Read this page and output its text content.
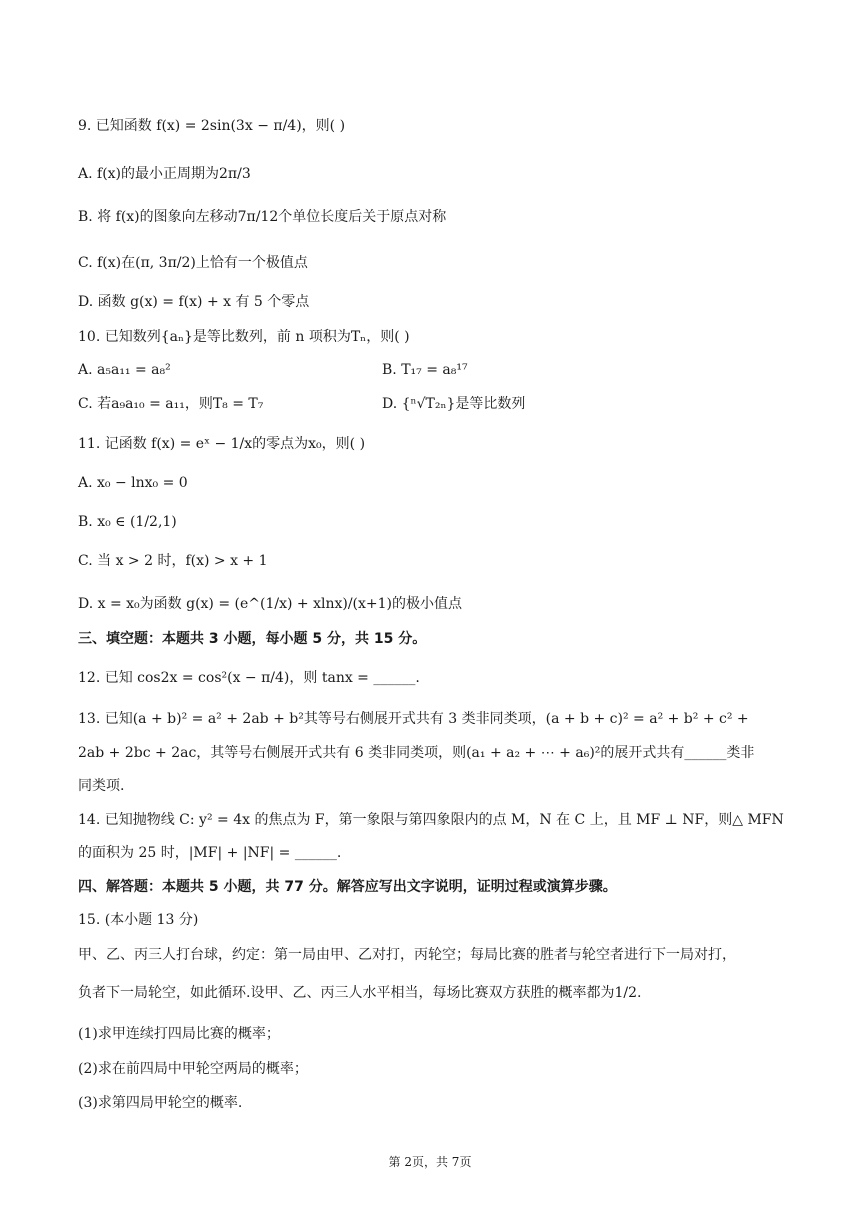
9. 已知函数 f(x) = 2sin(3x − π/4)，则( )
A. f(x)的最小正周期为2π/3
B. 将 f(x)的图象向左移动7π/12个单位长度后关于原点对称
C. f(x)在(π, 3π/2)上恰有一个极值点
D. 函数 g(x) = f(x) + x 有 5 个零点
10. 已知数列{aₙ}是等比数列，前 n 项积为Tₙ，则( )
A. a₅a₁₁ = a₈²	B. T₁₇ = a₈¹⁷
C. 若a₉a₁₀ = a₁₁，则T₈ = T₇	D. {ⁿ√T₂ₙ}是等比数列
11. 记函数 f(x) = eˣ − 1/x的零点为x₀，则( )
A. x₀ − lnx₀ = 0
B. x₀ ∈ (1/2,1)
C. 当 x > 2 时，f(x) > x + 1
D. x = x₀为函数 g(x) = (e^(1/x) + xlnx)/(x+1)的极小值点
三、填空题：本题共 3 小题，每小题 5 分，共 15 分。
12. 已知 cos2x = cos²(x − π/4)，则 tanx = ______.
13. 已知(a + b)² = a² + 2ab + b²其等号右侧展开式共有 3 类非同类项，(a + b + c)² = a² + b² + c² +
2ab + 2bc + 2ac，其等号右侧展开式共有 6 类非同类项，则(a₁ + a₂ + ⋯ + a₆)²的展开式共有______类非
同类项.
14. 已知抛物线 C: y² = 4x 的焦点为 F，第一象限与第四象限内的点 M，N 在 C 上，且 MF ⊥ NF，则△ MFN
的面积为 25 时，|MF| + |NF| = ______.
四、解答题：本题共 5 小题，共 77 分。解答应写出文字说明，证明过程或演算步骤。
15. (本小题 13 分)
甲、乙、丙三人打台球，约定：第一局由甲、乙对打，丙轮空；每局比赛的胜者与轮空者进行下一局对打，
负者下一局轮空，如此循环.设甲、乙、丙三人水平相当，每场比赛双方获胜的概率都为1/2.
(1)求甲连续打四局比赛的概率；
(2)求在前四局中甲轮空两局的概率；
(3)求第四局甲轮空的概率.
第 2页，共 7页
